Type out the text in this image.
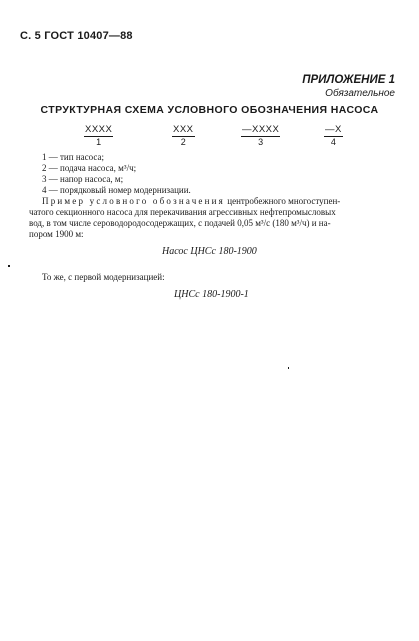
С. 5 ГОСТ 10407—88
ПРИЛОЖЕНИЕ 1
Обязательное
СТРУКТУРНАЯ СХЕМА УСЛОВНОГО ОБОЗНАЧЕНИЯ НАСОСА
XXXX
1
XXX
2
—XXXX
3
—X
4
1 — тип насоса;
2 — подача насоса, м³/ч;
3 — напор насоса, м;
4 — порядковый номер модернизации.
Пример условного обозначения центробежного многоступен-
чатого секционного насоса для перекачивания агрессивных нефтепромысловых
вод, в том числе сероводородосодержащих, с подачей 0,05 м³/с (180 м³/ч) и на-
пором 1900 м:
Насос ЦНСс 180-1900
То же, с первой модернизацией:
ЦНСс 180-1900-1
